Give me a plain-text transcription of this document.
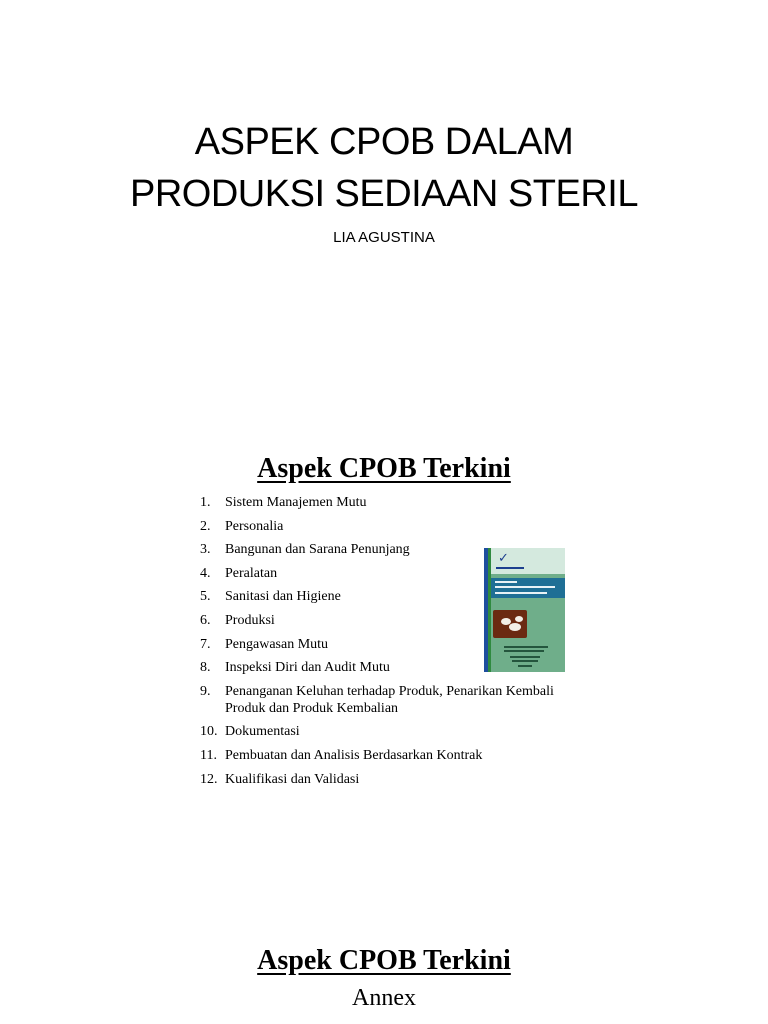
ASPEK CPOB DALAM
PRODUKSI SEDIAAN STERIL
LIA AGUSTINA
Aspek CPOB Terkini
1.	Sistem Manajemen Mutu
2.	Personalia
3.	Bangunan dan Sarana Penunjang
4.	Peralatan
5.	Sanitasi dan Higiene
6.	Produksi
7.	Pengawasan Mutu
8.	Inspeksi Diri dan Audit Mutu
9.	Penanganan Keluhan terhadap Produk, Penarikan Kembali Produk dan Produk Kembalian
10. Dokumentasi
11. Pembuatan dan Analisis Berdasarkan Kontrak
12. Kualifikasi dan Validasi
✓
Aspek CPOB Terkini
Annex
